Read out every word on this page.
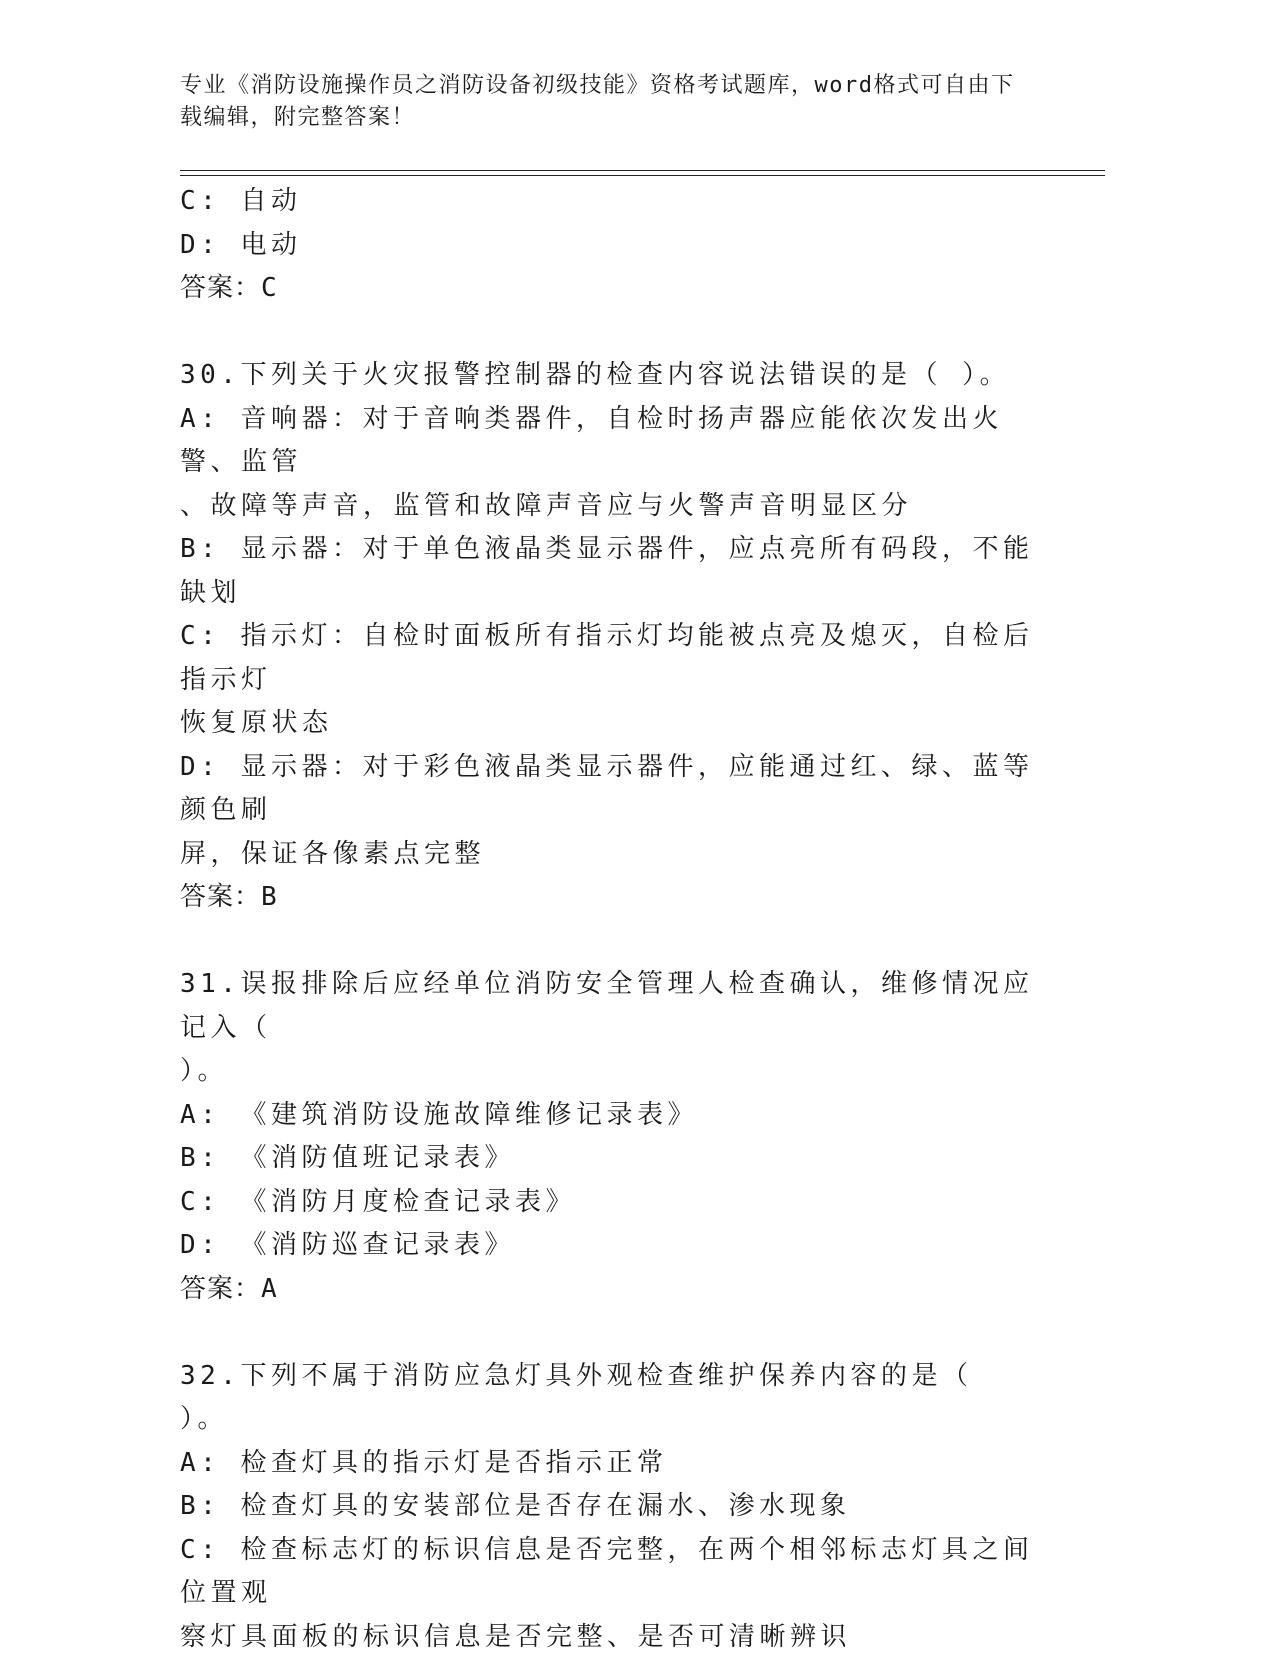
专业《消防设施操作员之消防设备初级技能》资格考试题库，word格式可自由下
载编辑，附完整答案！

C: 自动

D: 电动

答案：C

30.下列关于火灾报警控制器的检查内容说法错误的是（ ）。

A: 音响器：对于音响类器件，自检时扬声器应能依次发出火警、监管

、故障等声音，监管和故障声音应与火警声音明显区分

B: 显示器：对于单色液晶类显示器件，应点亮所有码段，不能缺划

C: 指示灯：自检时面板所有指示灯均能被点亮及熄灭，自检后指示灯

恢复原状态

D: 显示器：对于彩色液晶类显示器件，应能通过红、绿、蓝等颜色刷

屏，保证各像素点完整

答案：B

31.误报排除后应经单位消防安全管理人检查确认，维修情况应记入（

）。

A: 《建筑消防设施故障维修记录表》

B: 《消防值班记录表》

C: 《消防月度检查记录表》

D: 《消防巡查记录表》

答案：A

32.下列不属于消防应急灯具外观检查维护保养内容的是（ ）。

A: 检查灯具的指示灯是否指示正常

B: 检查灯具的安装部位是否存在漏水、渗水现象

C: 检查标志灯的标识信息是否完整，在两个相邻标志灯具之间位置观

察灯具面板的标识信息是否完整、是否可清晰辨识
